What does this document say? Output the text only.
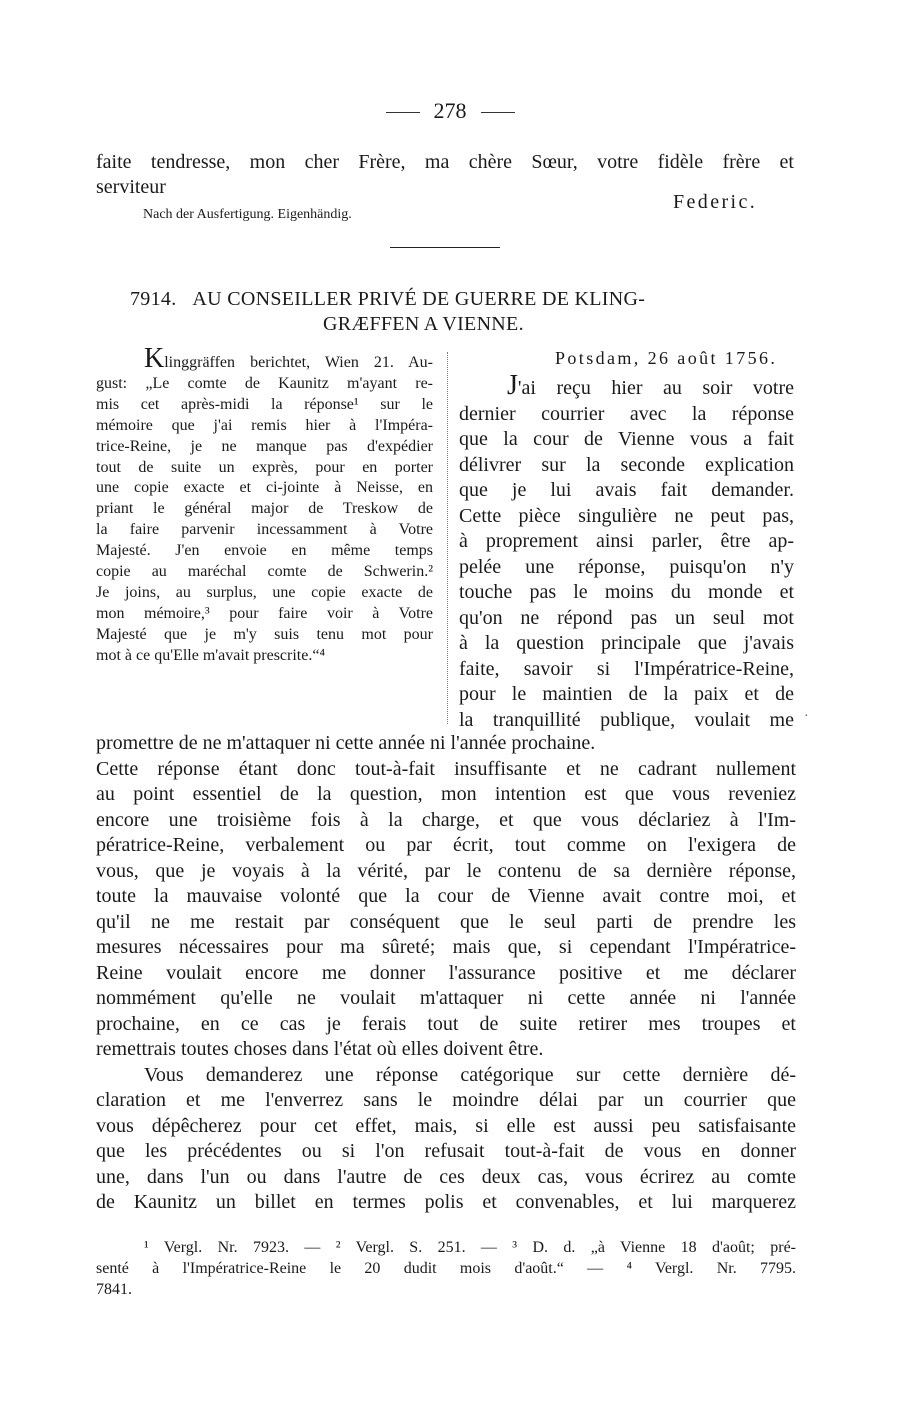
278
faite tendresse, mon cher Frère, ma chère Sœur, votre fidèle frère et
serviteur
Federic.
Nach der Ausfertigung. Eigenhändig.
7914. AU CONSEILLER PRIVÉ DE GUERRE DE KLING-
GRÆFFEN A VIENNE.
Klinggräffen berichtet, Wien 21. Au-
gust: „Le comte de Kaunitz m'ayant re-
mis cet après-midi la réponse¹ sur le
mémoire que j'ai remis hier à l'Impéra-
trice-Reine, je ne manque pas d'expédier
tout de suite un exprès, pour en porter
une copie exacte et ci-jointe à Neisse, en
priant le général major de Treskow de
la faire parvenir incessamment à Votre
Majesté. J'en envoie en même temps
copie au maréchal comte de Schwerin.²
Je joins, au surplus, une copie exacte de
mon mémoire,³ pour faire voir à Votre
Majesté que je m'y suis tenu mot pour
mot à ce qu'Elle m'avait prescrite.“⁴
Potsdam, 26 août 1756.
J'ai reçu hier au soir votre
dernier courrier avec la réponse
que la cour de Vienne vous a fait
délivrer sur la seconde explication
que je lui avais fait demander.
Cette pièce singulière ne peut pas,
à proprement ainsi parler, être ap-
pelée une réponse, puisqu'on n'y
touche pas le moins du monde et
qu'on ne répond pas un seul mot
à la question principale que j'avais
faite, savoir si l'Impératrice-Reine,
pour le maintien de la paix et de
la tranquillité publique, voulait me ·
promettre de ne m'attaquer ni cette année ni l'année prochaine.
Cette réponse étant donc tout-à-fait insuffisante et ne cadrant nullement
au point essentiel de la question, mon intention est que vous reveniez
encore une troisième fois à la charge, et que vous déclariez à l'Im-
pératrice-Reine, verbalement ou par écrit, tout comme on l'exigera de
vous, que je voyais à la vérité, par le contenu de sa dernière réponse,
toute la mauvaise volonté que la cour de Vienne avait contre moi, et
qu'il ne me restait par conséquent que le seul parti de prendre les
mesures nécessaires pour ma sûreté; mais que, si cependant l'Impératrice-
Reine voulait encore me donner l'assurance positive et me déclarer
nommément qu'elle ne voulait m'attaquer ni cette année ni l'année
prochaine, en ce cas je ferais tout de suite retirer mes troupes et
remettrais toutes choses dans l'état où elles doivent être.
Vous demanderez une réponse catégorique sur cette dernière dé-
claration et me l'enverrez sans le moindre délai par un courrier que
vous dépêcherez pour cet effet, mais, si elle est aussi peu satisfaisante
que les précédentes ou si l'on refusait tout-à-fait de vous en donner
une, dans l'un ou dans l'autre de ces deux cas, vous écrirez au comte
de Kaunitz un billet en termes polis et convenables, et lui marquerez
¹ Vergl. Nr. 7923. — ² Vergl. S. 251. — ³ D. d. „à Vienne 18 d'août; pré-
senté à l'Impératrice-Reine le 20 dudit mois d'août.“ — ⁴ Vergl. Nr. 7795.
7841.
